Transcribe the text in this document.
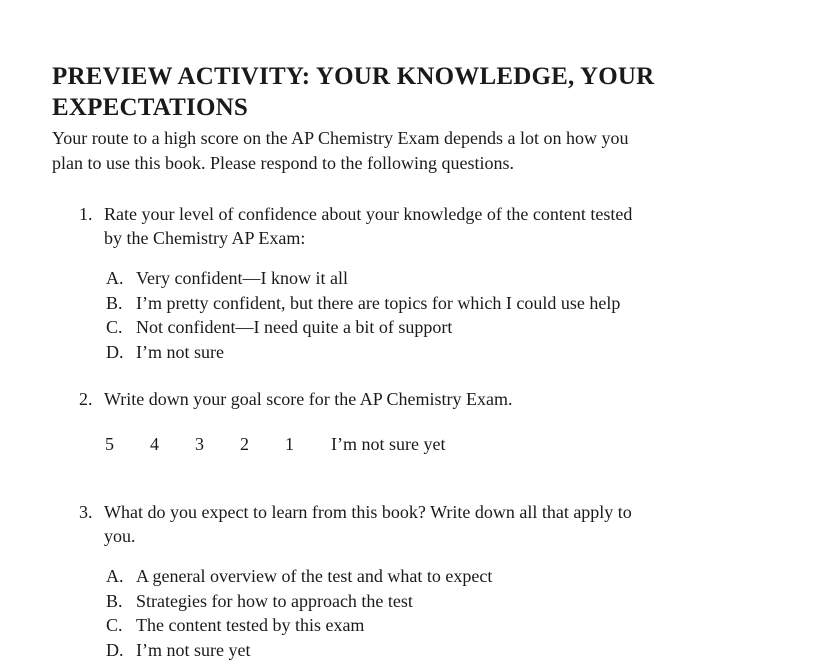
PREVIEW ACTIVITY: YOUR KNOWLEDGE, YOUR
EXPECTATIONS

Your route to a high score on the AP Chemistry Exam depends a lot on how you
plan to use this book. Please respond to the following questions.

1. Rate your level of confidence about your knowledge of the content tested
by the Chemistry AP Exam:
A. Very confident—I know it all
B. I’m pretty confident, but there are topics for which I could use help
C. Not confident—I need quite a bit of support
D. I’m not sure
2. Write down your goal score for the AP Chemistry Exam.
5 4 3 2 1 I’m not sure yet
3. What do you expect to learn from this book? Write down all that apply to
you.
A. A general overview of the test and what to expect
B. Strategies for how to approach the test
C. The content tested by this exam
D. I’m not sure yet
